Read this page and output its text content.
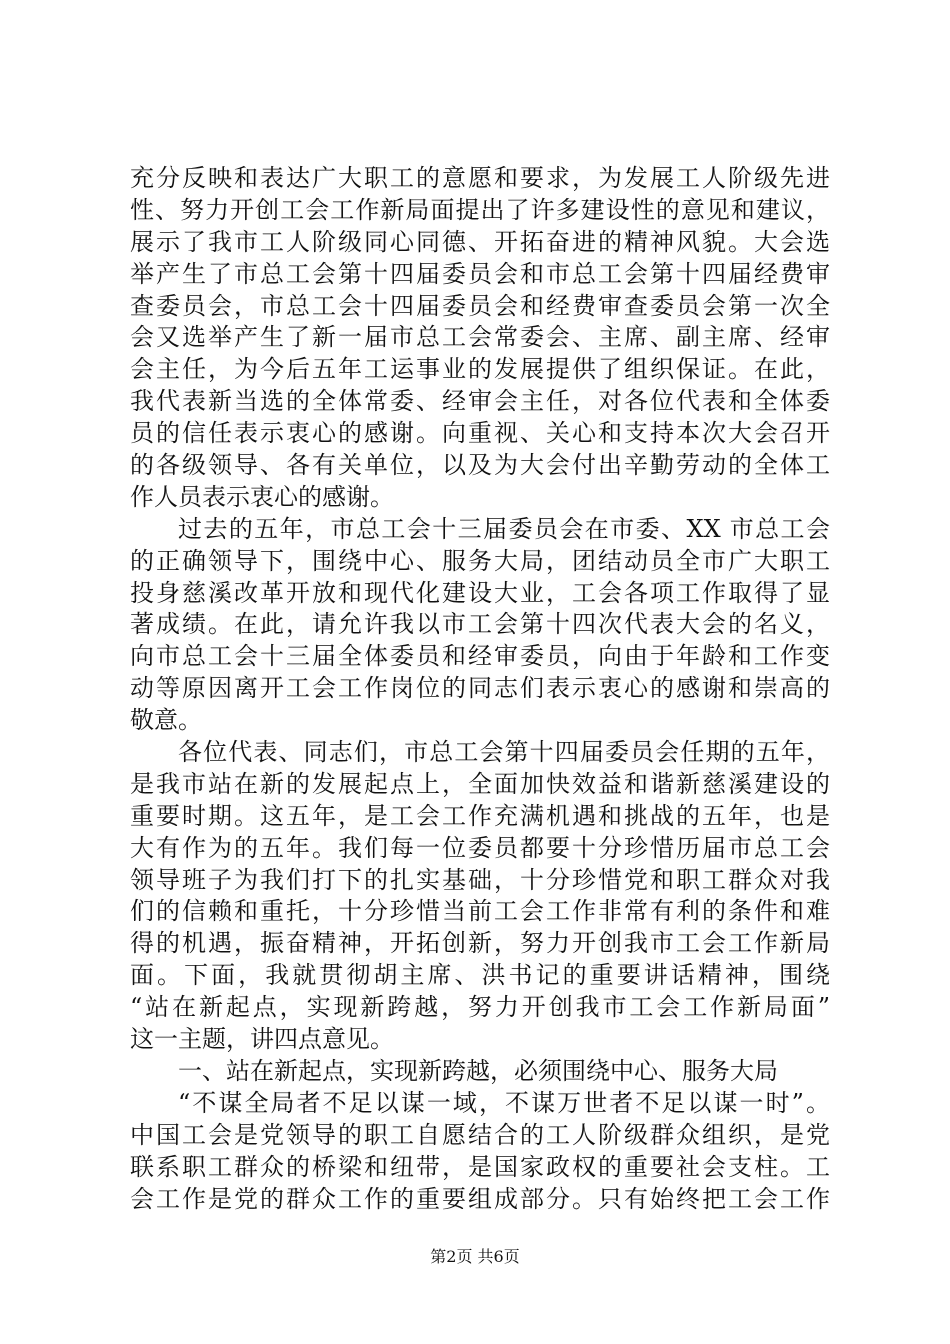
充分反映和表达广大职工的意愿和要求，为发展工人阶级先进
性、努力开创工会工作新局面提出了许多建设性的意见和建议，
展示了我市工人阶级同心同德、开拓奋进的精神风貌。大会选
举产生了市总工会第十四届委员会和市总工会第十四届经费审
查委员会，市总工会十四届委员会和经费审查委员会第一次全
会又选举产生了新一届市总工会常委会、主席、副主席、经审
会主任，为今后五年工运事业的发展提供了组织保证。在此，
我代表新当选的全体常委、经审会主任，对各位代表和全体委
员的信任表示衷心的感谢。向重视、关心和支持本次大会召开
的各级领导、各有关单位，以及为大会付出辛勤劳动的全体工
作人员表示衷心的感谢。
过去的五年，市总工会十三届委员会在市委、XX 市总工会
的正确领导下，围绕中心、服务大局，团结动员全市广大职工
投身慈溪改革开放和现代化建设大业，工会各项工作取得了显
著成绩。在此，请允许我以市工会第十四次代表大会的名义，
向市总工会十三届全体委员和经审委员，向由于年龄和工作变
动等原因离开工会工作岗位的同志们表示衷心的感谢和崇高的
敬意。
各位代表、同志们，市总工会第十四届委员会任期的五年，
是我市站在新的发展起点上，全面加快效益和谐新慈溪建设的
重要时期。这五年，是工会工作充满机遇和挑战的五年，也是
大有作为的五年。我们每一位委员都要十分珍惜历届市总工会
领导班子为我们打下的扎实基础，十分珍惜党和职工群众对我
们的信赖和重托，十分珍惜当前工会工作非常有利的条件和难
得的机遇，振奋精神，开拓创新，努力开创我市工会工作新局
面。下面，我就贯彻胡主席、洪书记的重要讲话精神，围绕
“站在新起点，实现新跨越，努力开创我市工会工作新局面”
这一主题，讲四点意见。
一、站在新起点，实现新跨越，必须围绕中心、服务大局
“不谋全局者不足以谋一域，不谋万世者不足以谋一时”。
中国工会是党领导的职工自愿结合的工人阶级群众组织，是党
联系职工群众的桥梁和纽带，是国家政权的重要社会支柱。工
会工作是党的群众工作的重要组成部分。只有始终把工会工作
第2页 共6页
